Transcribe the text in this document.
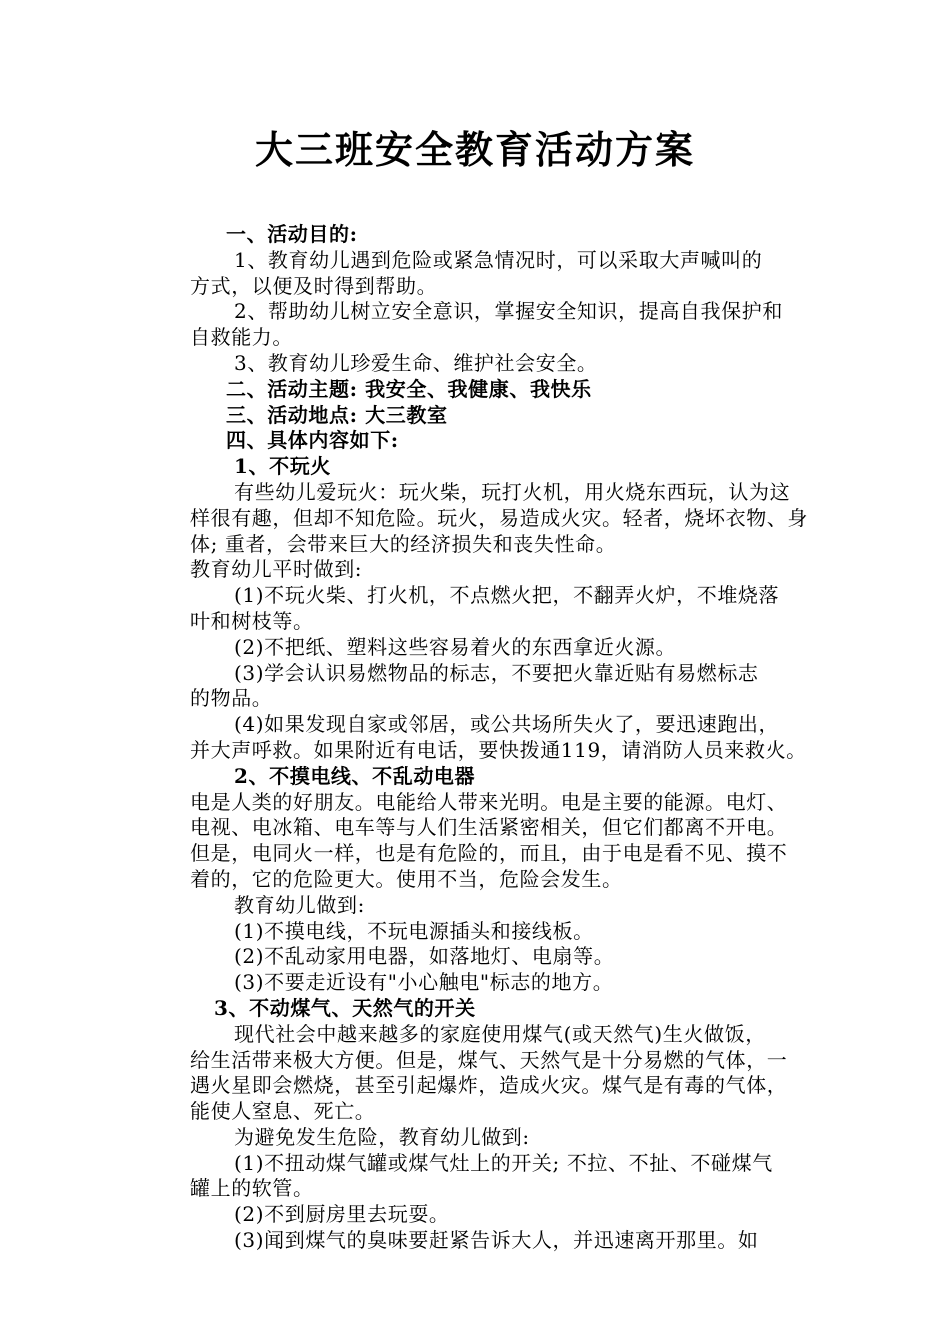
大三班安全教育活动方案

一、活动目的:

1、教育幼儿遇到危险或紧急情况时，可以采取大声喊叫的

方式，以便及时得到帮助。

2、帮助幼儿树立安全意识，掌握安全知识，提高自我保护和

自救能力。

3、教育幼儿珍爱生命、维护社会安全。

二、活动主题: 我安全、我健康、我快乐

三、活动地点: 大三教室

四、具体内容如下:

1、不玩火

有些幼儿爱玩火：玩火柴，玩打火机，用火烧东西玩，认为这

样很有趣，但却不知危险。玩火，易造成火灾。轻者，烧坏衣物、身

体; 重者，会带来巨大的经济损失和丧失性命。

教育幼儿平时做到:

(1)不玩火柴、打火机，不点燃火把，不翻弄火炉，不堆烧落

叶和树枝等。

(2)不把纸、塑料这些容易着火的东西拿近火源。

(3)学会认识易燃物品的标志，不要把火靠近贴有易燃标志

的物品。

(4)如果发现自家或邻居，或公共场所失火了，要迅速跑出，

并大声呼救。如果附近有电话，要快拨通119，请消防人员来救火。

2、不摸电线、不乱动电器

电是人类的好朋友。电能给人带来光明。电是主要的能源。电灯、

电视、电冰箱、电车等与人们生活紧密相关，但它们都离不开电。

但是，电同火一样，也是有危险的，而且，由于电是看不见、摸不

着的，它的危险更大。使用不当，危险会发生。

教育幼儿做到:

(1)不摸电线，不玩电源插头和接线板。

(2)不乱动家用电器，如落地灯、电扇等。

(3)不要走近设有"小心触电"标志的地方。

3、不动煤气、天然气的开关

现代社会中越来越多的家庭使用煤气(或天然气)生火做饭，

给生活带来极大方便。但是，煤气、天然气是十分易燃的气体，一

遇火星即会燃烧，甚至引起爆炸，造成火灾。煤气是有毒的气体，

能使人窒息、死亡。

为避免发生危险，教育幼儿做到:

(1)不扭动煤气罐或煤气灶上的开关; 不拉、不扯、不碰煤气

罐上的软管。

(2)不到厨房里去玩耍。

(3)闻到煤气的臭味要赶紧告诉大人，并迅速离开那里。如
